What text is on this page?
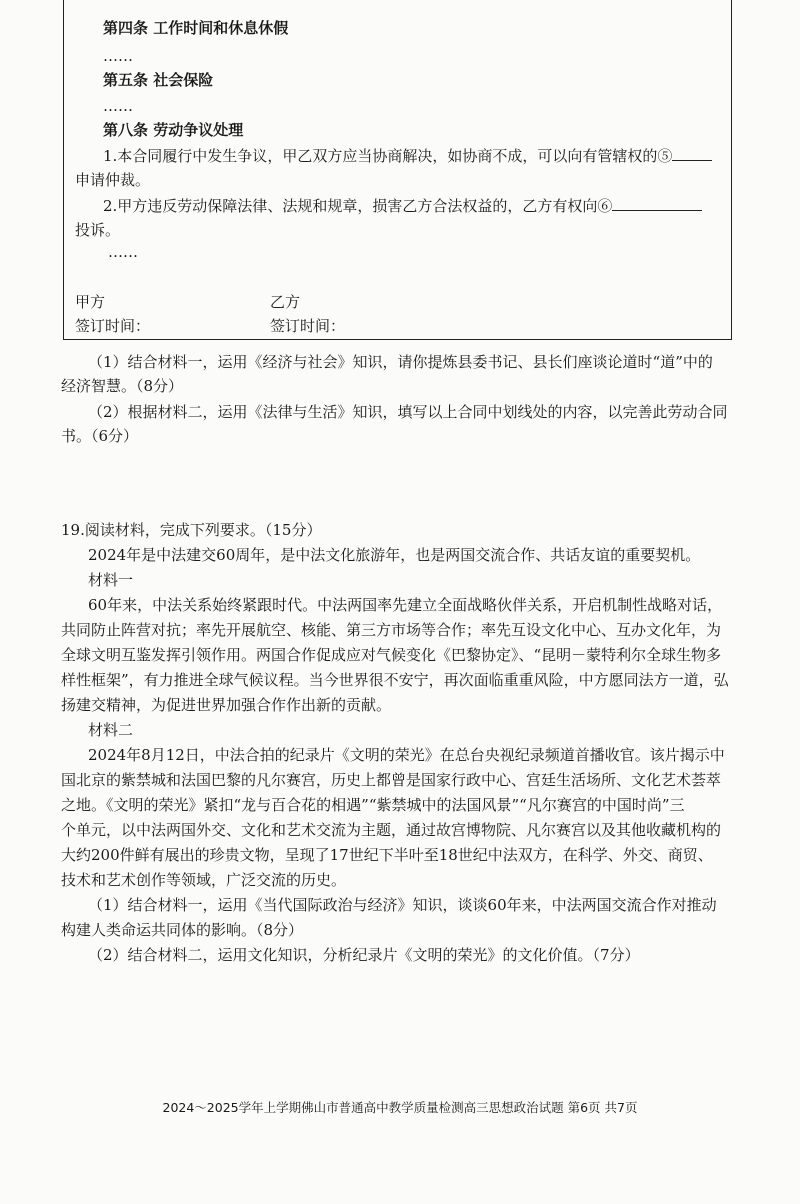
第四条 工作时间和休息休假
……
第五条 社会保险
……
第八条 劳动争议处理
1.本合同履行中发生争议，甲乙双方应当协商解决，如协商不成，可以向有管辖权的⑤
申请仲裁。
2.甲方违反劳动保障法律、法规和规章，损害乙方合法权益的，乙方有权向⑥
投诉。
……
甲方	乙方
签订时间：	签订时间：
（1）结合材料一，运用《经济与社会》知识，请你提炼县委书记、县长们座谈论道时“道”中的
经济智慧。（8分）
（2）根据材料二，运用《法律与生活》知识，填写以上合同中划线处的内容，以完善此劳动合同
书。（6分）
19.阅读材料，完成下列要求。（15分）
2024年是中法建交60周年，是中法文化旅游年，也是两国交流合作、共话友谊的重要契机。
材料一
60年来，中法关系始终紧跟时代。中法两国率先建立全面战略伙伴关系，开启机制性战略对话，
共同防止阵营对抗；率先开展航空、核能、第三方市场等合作；率先互设文化中心、互办文化年，为
全球文明互鉴发挥引领作用。两国合作促成应对气候变化《巴黎协定》、“昆明－蒙特利尔全球生物多
样性框架”，有力推进全球气候议程。当今世界很不安宁，再次面临重重风险，中方愿同法方一道，弘
扬建交精神，为促进世界加强合作作出新的贡献。
材料二
2024年8月12日，中法合拍的纪录片《文明的荣光》在总台央视纪录频道首播收官。该片揭示中
国北京的紫禁城和法国巴黎的凡尔赛宫，历史上都曾是国家行政中心、宫廷生活场所、文化艺术荟萃
之地。《文明的荣光》紧扣“龙与百合花的相遇”“紫禁城中的法国风景”“凡尔赛宫的中国时尚”三
个单元，以中法两国外交、文化和艺术交流为主题，通过故宫博物院、凡尔赛宫以及其他收藏机构的
大约200件鲜有展出的珍贵文物，呈现了17世纪下半叶至18世纪中法双方，在科学、外交、商贸、
技术和艺术创作等领域，广泛交流的历史。
（1）结合材料一，运用《当代国际政治与经济》知识，谈谈60年来，中法两国交流合作对推动
构建人类命运共同体的影响。（8分）
（2）结合材料二，运用文化知识，分析纪录片《文明的荣光》的文化价值。（7分）
2024～2025学年上学期佛山市普通高中教学质量检测高三思想政治试题 第6页 共7页
